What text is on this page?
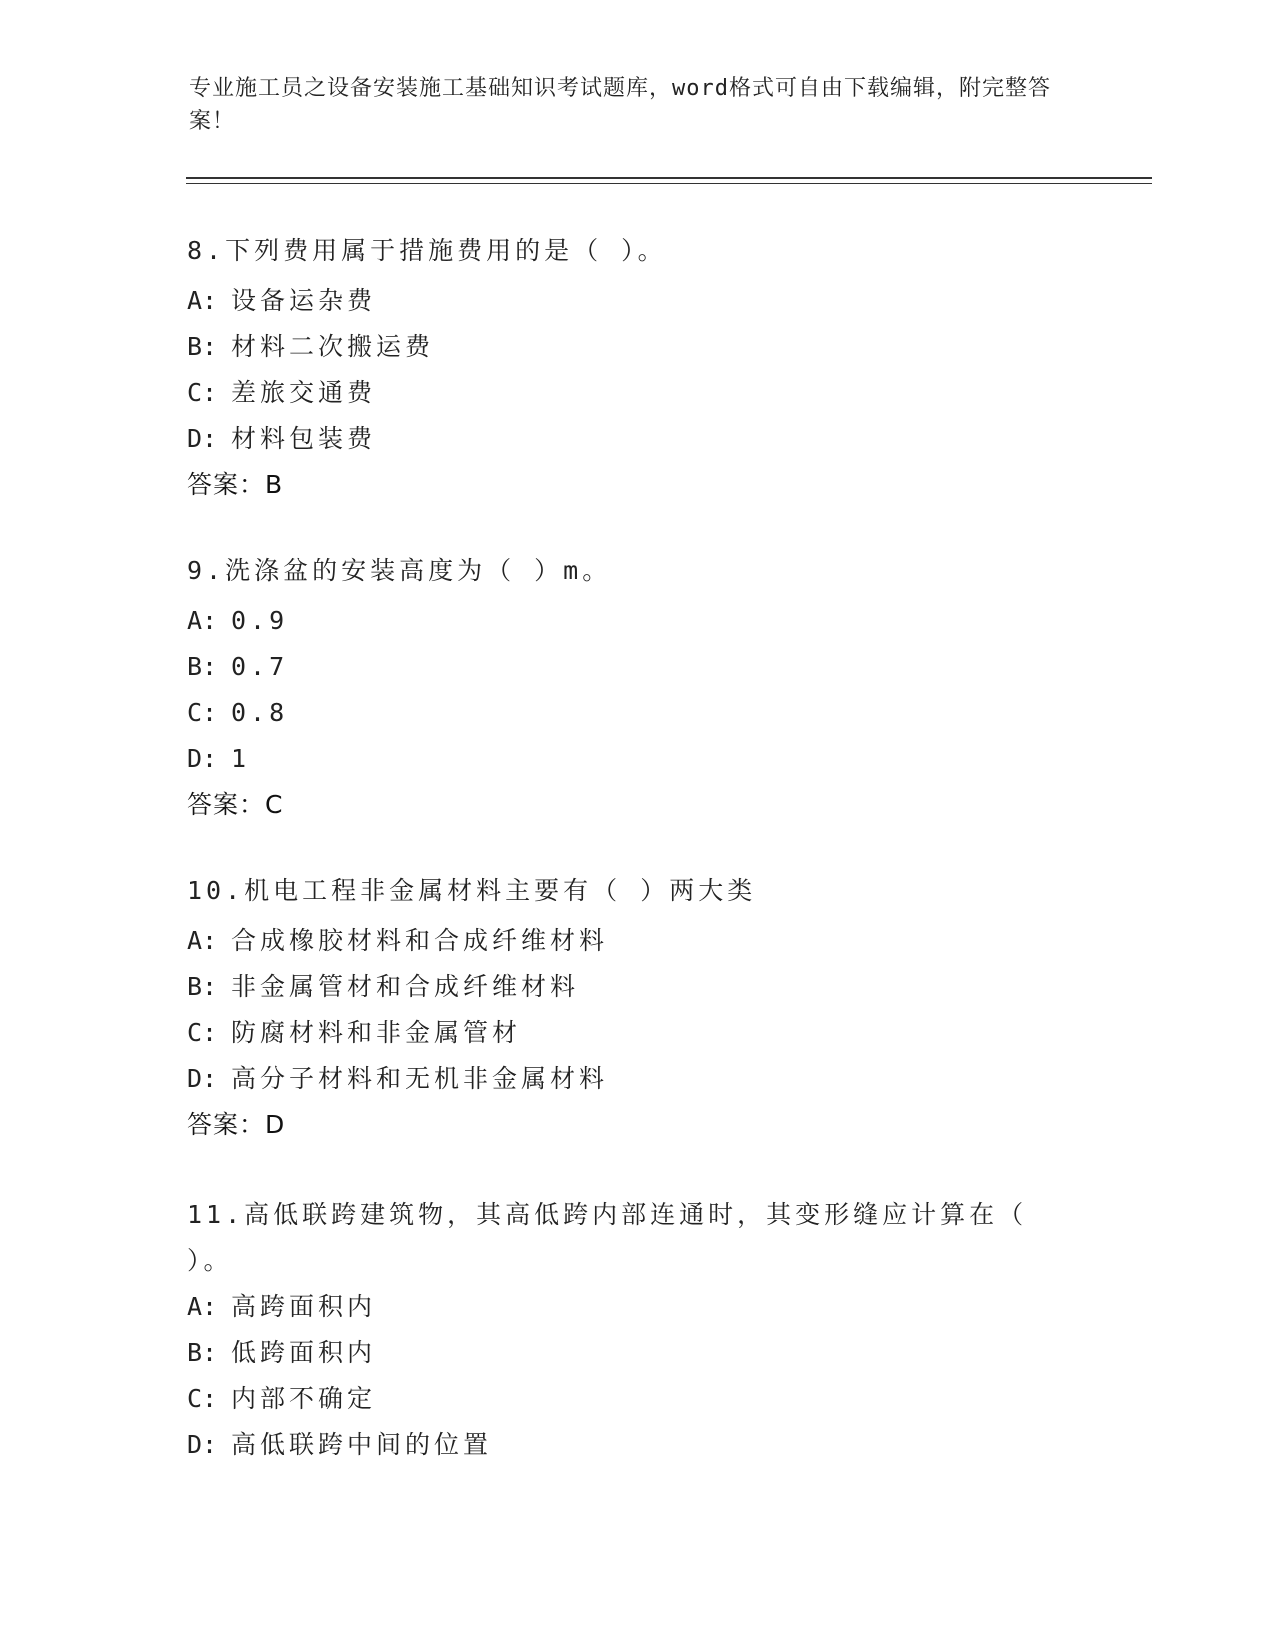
专业施工员之设备安装施工基础知识考试题库，word格式可自由下载编辑，附完整答案！

8.下列费用属于措施费用的是（ ）。

A: 设备运杂费

B: 材料二次搬运费

C: 差旅交通费

D: 材料包装费

答案：B

9.洗涤盆的安装高度为（ ）m。

A: 0.9

B: 0.7

C: 0.8

D: 1

答案：C

10.机电工程非金属材料主要有（ ）两大类

A: 合成橡胶材料和合成纤维材料

B: 非金属管材和合成纤维材料

C: 防腐材料和非金属管材

D: 高分子材料和无机非金属材料

答案：D

11.高低联跨建筑物，其高低跨内部连通时，其变形缝应计算在（ ）。

A: 高跨面积内

B: 低跨面积内

C: 内部不确定

D: 高低联跨中间的位置
